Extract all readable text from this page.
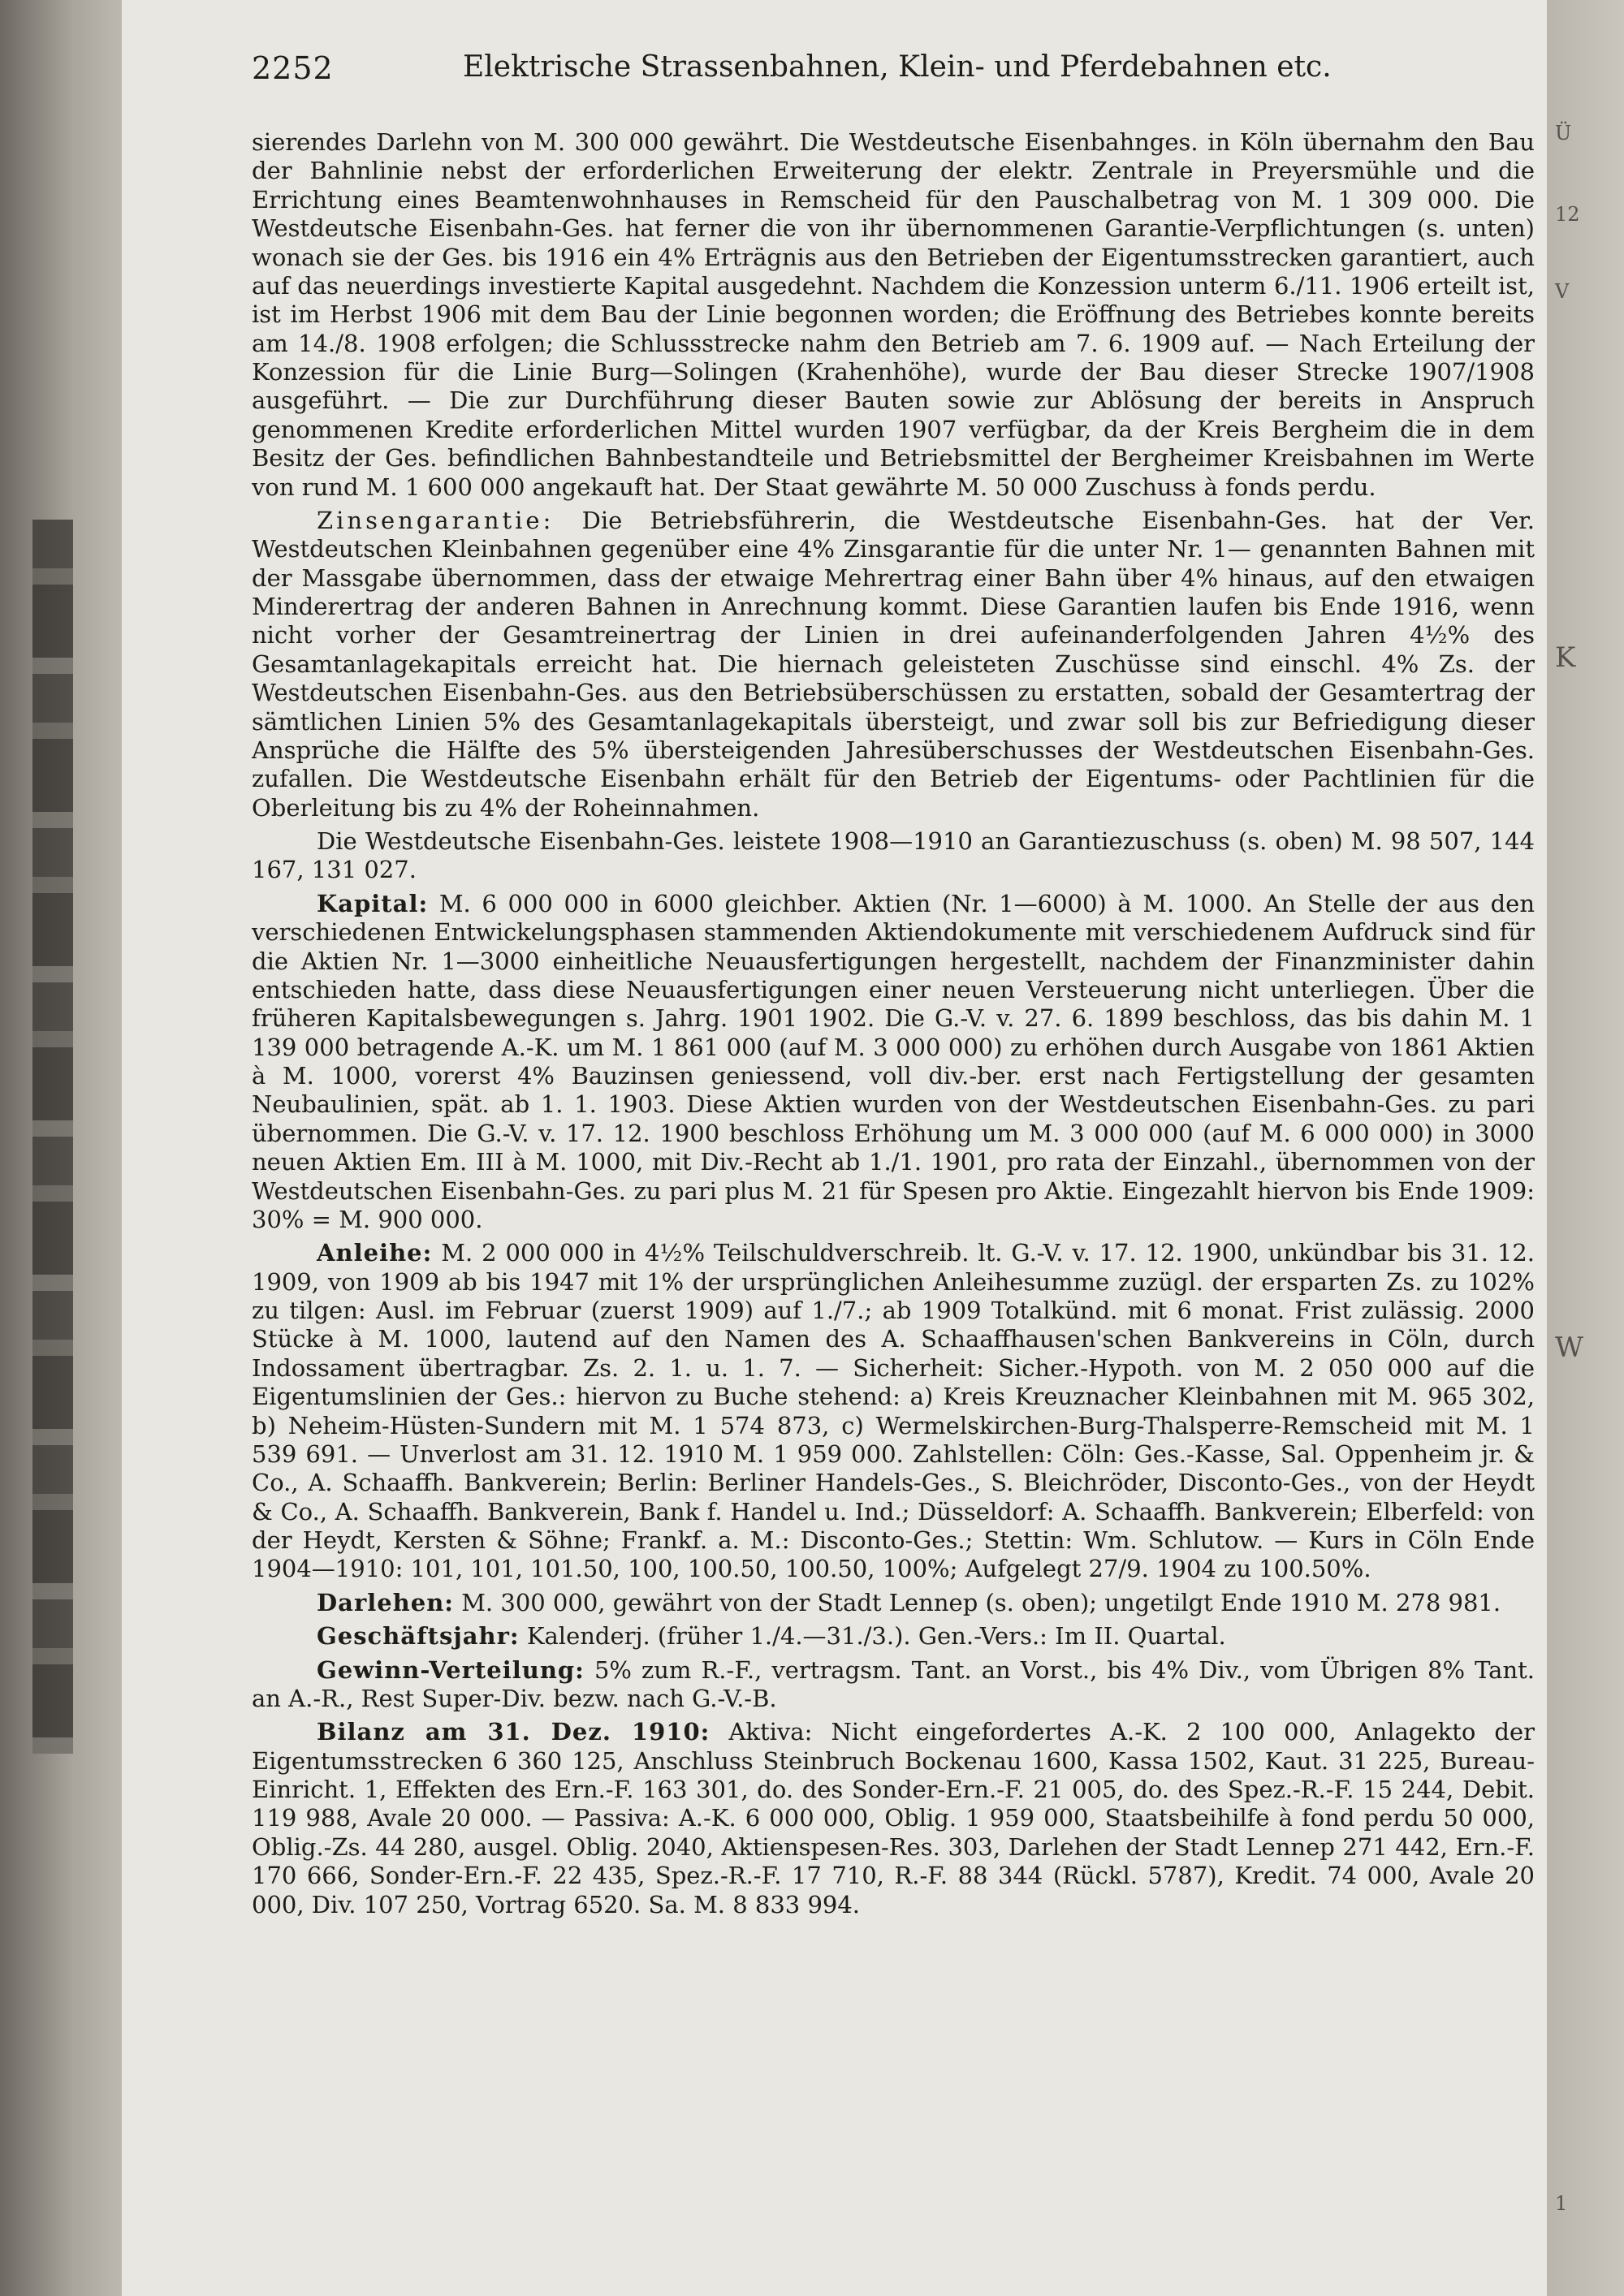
2252	Elektrische Strassenbahnen, Klein- und Pferdebahnen etc.

sierendes Darlehn von M. 300 000 gewährt. Die Westdeutsche Eisenbahnges. in Köln übernahm den Bau der Bahnlinie nebst der erforderlichen Erweiterung der elektr. Zentrale in Preyersmühle und die Errichtung eines Beamtenwohnhauses in Remscheid für den Pauschalbetrag von M. 1 309 000. Die Westdeutsche Eisenbahn-Ges. hat ferner die von ihr übernommenen Garantie-Verpflichtungen (s. unten) wonach sie der Ges. bis 1916 ein 4% Erträgnis aus den Betrieben der Eigentumsstrecken garantiert, auch auf das neuerdings investierte Kapital ausgedehnt. Nachdem die Konzession unterm 6./11. 1906 erteilt ist, ist im Herbst 1906 mit dem Bau der Linie begonnen worden; die Eröffnung des Betriebes konnte bereits am 14./8. 1908 erfolgen; die Schlussstrecke nahm den Betrieb am 7. 6. 1909 auf. — Nach Erteilung der Konzession für die Linie Burg—Solingen (Krahenhöhe), wurde der Bau dieser Strecke 1907/1908 ausgeführt. — Die zur Durchführung dieser Bauten sowie zur Ablösung der bereits in Anspruch genommenen Kredite erforderlichen Mittel wurden 1907 verfügbar, da der Kreis Bergheim die in dem Besitz der Ges. befindlichen Bahnbestandteile und Betriebsmittel der Bergheimer Kreisbahnen im Werte von rund M. 1 600 000 angekauft hat. Der Staat gewährte M. 50 000 Zuschuss à fonds perdu.

Zinsengarantie: Die Betriebsführerin, die Westdeutsche Eisenbahn-Ges. hat der Ver. Westdeutschen Kleinbahnen gegenüber eine 4% Zinsgarantie für die unter Nr. 1— genannten Bahnen mit der Massgabe übernommen, dass der etwaige Mehrertrag einer Bahn über 4% hinaus, auf den etwaigen Minderertrag der anderen Bahnen in Anrechnung kommt. Diese Garantien laufen bis Ende 1916, wenn nicht vorher der Gesamtreinertrag der Linien in drei aufeinanderfolgenden Jahren 4½% des Gesamtanlagekapitals erreicht hat. Die hiernach geleisteten Zuschüsse sind einschl. 4% Zs. der Westdeutschen Eisenbahn-Ges. aus den Betriebsüberschüssen zu erstatten, sobald der Gesamtertrag der sämtlichen Linien 5% des Gesamtanlagekapitals übersteigt, und zwar soll bis zur Befriedigung dieser Ansprüche die Hälfte des 5% übersteigenden Jahresüberschusses der Westdeutschen Eisenbahn-Ges. zufallen. Die Westdeutsche Eisenbahn erhält für den Betrieb der Eigentums- oder Pachtlinien für die Oberleitung bis zu 4% der Roheinnahmen.

Die Westdeutsche Eisenbahn-Ges. leistete 1908—1910 an Garantiezuschuss (s. oben) M. 98 507, 144 167, 131 027.

Kapital: M. 6 000 000 in 6000 gleichber. Aktien (Nr. 1—6000) à M. 1000. An Stelle der aus den verschiedenen Entwickelungsphasen stammenden Aktiendokumente mit verschiedenem Aufdruck sind für die Aktien Nr. 1—3000 einheitliche Neuausfertigungen hergestellt, nachdem der Finanzminister dahin entschieden hatte, dass diese Neuausfertigungen einer neuen Versteuerung nicht unterliegen. Über die früheren Kapitalsbewegungen s. Jahrg. 1901 1902. Die G.-V. v. 27. 6. 1899 beschloss, das bis dahin M. 1 139 000 betragende A.-K. um M. 1 861 000 (auf M. 3 000 000) zu erhöhen durch Ausgabe von 1861 Aktien à M. 1000, vorerst 4% Bauzinsen geniessend, voll div.-ber. erst nach Fertigstellung der gesamten Neubaulinien, spät. ab 1. 1. 1903. Diese Aktien wurden von der Westdeutschen Eisenbahn-Ges. zu pari übernommen. Die G.-V. v. 17. 12. 1900 beschloss Erhöhung um M. 3 000 000 (auf M. 6 000 000) in 3000 neuen Aktien Em. III à M. 1000, mit Div.-Recht ab 1./1. 1901, pro rata der Einzahl., übernommen von der Westdeutschen Eisenbahn-Ges. zu pari plus M. 21 für Spesen pro Aktie. Eingezahlt hiervon bis Ende 1909: 30% = M. 900 000.

Anleihe: M. 2 000 000 in 4½% Teilschuldverschreib. lt. G.-V. v. 17. 12. 1900, unkündbar bis 31. 12. 1909, von 1909 ab bis 1947 mit 1% der ursprünglichen Anleihesumme zuzügl. der ersparten Zs. zu 102% zu tilgen: Ausl. im Februar (zuerst 1909) auf 1./7.; ab 1909 Totalkünd. mit 6 monat. Frist zulässig. 2000 Stücke à M. 1000, lautend auf den Namen des A. Schaaffhausen'schen Bankvereins in Cöln, durch Indossament übertragbar. Zs. 2. 1. u. 1. 7. — Sicherheit: Sicher.-Hypoth. von M. 2 050 000 auf die Eigentumslinien der Ges.: hiervon zu Buche stehend: a) Kreis Kreuznacher Kleinbahnen mit M. 965 302, b) Neheim-Hüsten-Sundern mit M. 1 574 873, c) Wermelskirchen-Burg-Thalsperre-Remscheid mit M. 1 539 691. — Unverlost am 31. 12. 1910 M. 1 959 000. Zahlstellen: Cöln: Ges.-Kasse, Sal. Oppenheim jr. & Co., A. Schaaffh. Bankverein; Berlin: Berliner Handels-Ges., S. Bleichröder, Disconto-Ges., von der Heydt & Co., A. Schaaffh. Bankverein, Bank f. Handel u. Ind.; Düsseldorf: A. Schaaffh. Bankverein; Elberfeld: von der Heydt, Kersten & Söhne; Frankf. a. M.: Disconto-Ges.; Stettin: Wm. Schlutow. — Kurs in Cöln Ende 1904—1910: 101, 101, 101.50, 100, 100.50, 100.50, 100%; Aufgelegt 27/9. 1904 zu 100.50%.

Darlehen: M. 300 000, gewährt von der Stadt Lennep (s. oben); ungetilgt Ende 1910 M. 278 981.

Geschäftsjahr: Kalenderj. (früher 1./4.—31./3.). Gen.-Vers.: Im II. Quartal.

Gewinn-Verteilung: 5% zum R.-F., vertragsm. Tant. an Vorst., bis 4% Div., vom Übrigen 8% Tant. an A.-R., Rest Super-Div. bezw. nach G.-V.-B.

Bilanz am 31. Dez. 1910: Aktiva: Nicht eingefordertes A.-K. 2 100 000, Anlagekto der Eigentumsstrecken 6 360 125, Anschluss Steinbruch Bockenau 1600, Kassa 1502, Kaut. 31 225, Bureau-Einricht. 1, Effekten des Ern.-F. 163 301, do. des Sonder-Ern.-F. 21 005, do. des Spez.-R.-F. 15 244, Debit. 119 988, Avale 20 000. — Passiva: A.-K. 6 000 000, Oblig. 1 959 000, Staatsbeihilfe à fond perdu 50 000, Oblig.-Zs. 44 280, ausgel. Oblig. 2040, Aktienspesen-Res. 303, Darlehen der Stadt Lennep 271 442, Ern.-F. 170 666, Sonder-Ern.-F. 22 435, Spez.-R.-F. 17 710, R.-F. 88 344 (Rückl. 5787), Kredit. 74 000, Avale 20 000, Div. 107 250, Vortrag 6520. Sa. M. 8 833 994.

Ü
12
V
K
W
1
